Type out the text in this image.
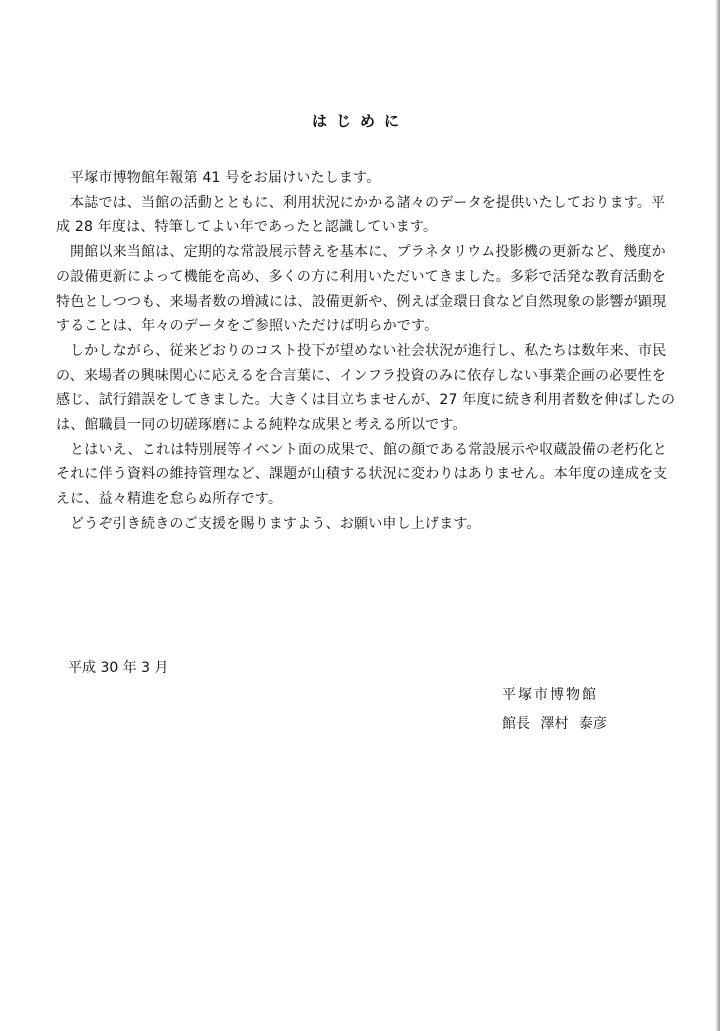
はじめに

平塚市博物館年報第 41 号をお届けいたします。

本誌では、当館の活動とともに、利用状況にかかる諸々のデータを提供いたしております。平成 28 年度は、特筆してよい年であったと認識しています。

開館以来当館は、定期的な常設展示替えを基本に、プラネタリウム投影機の更新など、幾度かの設備更新によって機能を高め、多くの方に利用いただいてきました。多彩で活発な教育活動を特色としつつも、来場者数の増減には、設備更新や、例えば金環日食など自然現象の影響が顕現することは、年々のデータをご参照いただけば明らかです。

しかしながら、従来どおりのコスト投下が望めない社会状況が進行し、私たちは数年来、市民の、来場者の興味関心に応えるを合言葉に、インフラ投資のみに依存しない事業企画の必要性を感じ、試行錯誤をしてきました。大きくは目立ちませんが、27 年度に続き利用者数を伸ばしたのは、館職員一同の切磋琢磨による純粋な成果と考える所以です。

とはいえ、これは特別展等イベント面の成果で、館の顔である常設展示や収蔵設備の老朽化とそれに伴う資料の維持管理など、課題が山積する状況に変わりはありません。本年度の達成を支えに、益々精進を怠らぬ所存です。

どうぞ引き続きのご支援を賜りますよう、お願い申し上げます。

平成 30 年 3 月
平塚市博物館
館長 澤村 泰彦
